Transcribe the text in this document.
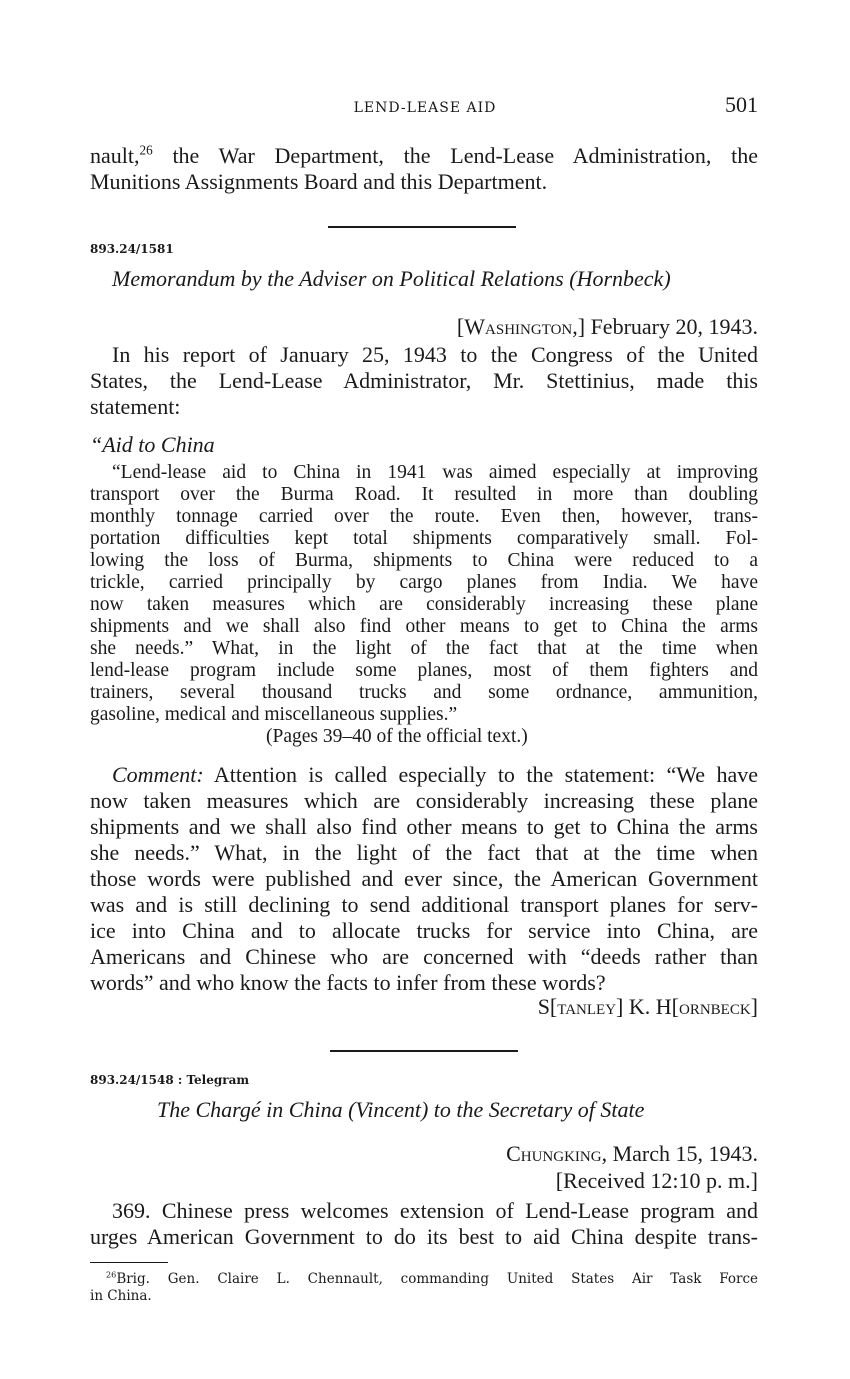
LEND-LEASE AID	501
nault,$^{26}$ the War Department, the Lend-Lease Administration, the
Munitions Assignments Board and this Department.
893.24/1581
Memorandum by the Adviser on Political Relations (Hornbeck)
[Washington,] February 20, 1943.
In his report of January 25, 1943 to the Congress of the United
States, the Lend-Lease Administrator, Mr. Stettinius, made this
statement:
“Aid to China
“Lend-lease aid to China in 1941 was aimed especially at improving
transport over the Burma Road. It resulted in more than doubling
monthly tonnage carried over the route. Even then, however, trans-
portation difficulties kept total shipments comparatively small. Fol-
lowing the loss of Burma, shipments to China were reduced to a
trickle, carried principally by cargo planes from India. We have
now taken measures which are considerably increasing these plane
shipments and we shall also find other means to get to China the arms
she needs.” What, in the light of the fact that at the time when
lend-lease program include some planes, most of them fighters and
trainers, several thousand trucks and some ordnance, ammunition,
gasoline, medical and miscellaneous supplies.”
(Pages 39–40 of the official text.)
Comment: Attention is called especially to the statement: “We have
now taken measures which are considerably increasing these plane
shipments and we shall also find other means to get to China the arms
she needs.” What, in the light of the fact that at the time when
those words were published and ever since, the American Government
was and is still declining to send additional transport planes for serv-
ice into China and to allocate trucks for service into China, are
Americans and Chinese who are concerned with “deeds rather than
words” and who know the facts to infer from these words?
S[tanley] K. H[ornbeck]
893.24/1548 : Telegram
The Chargé in China (Vincent) to the Secretary of State
Chungking, March 15, 1943.
[Received 12:10 p. m.]
369. Chinese press welcomes extension of Lend-Lease program and
urges American Government to do its best to aid China despite trans-
$^{26}$Brig. Gen. Claire L. Chennault, commanding United States Air Task Force
in China.
